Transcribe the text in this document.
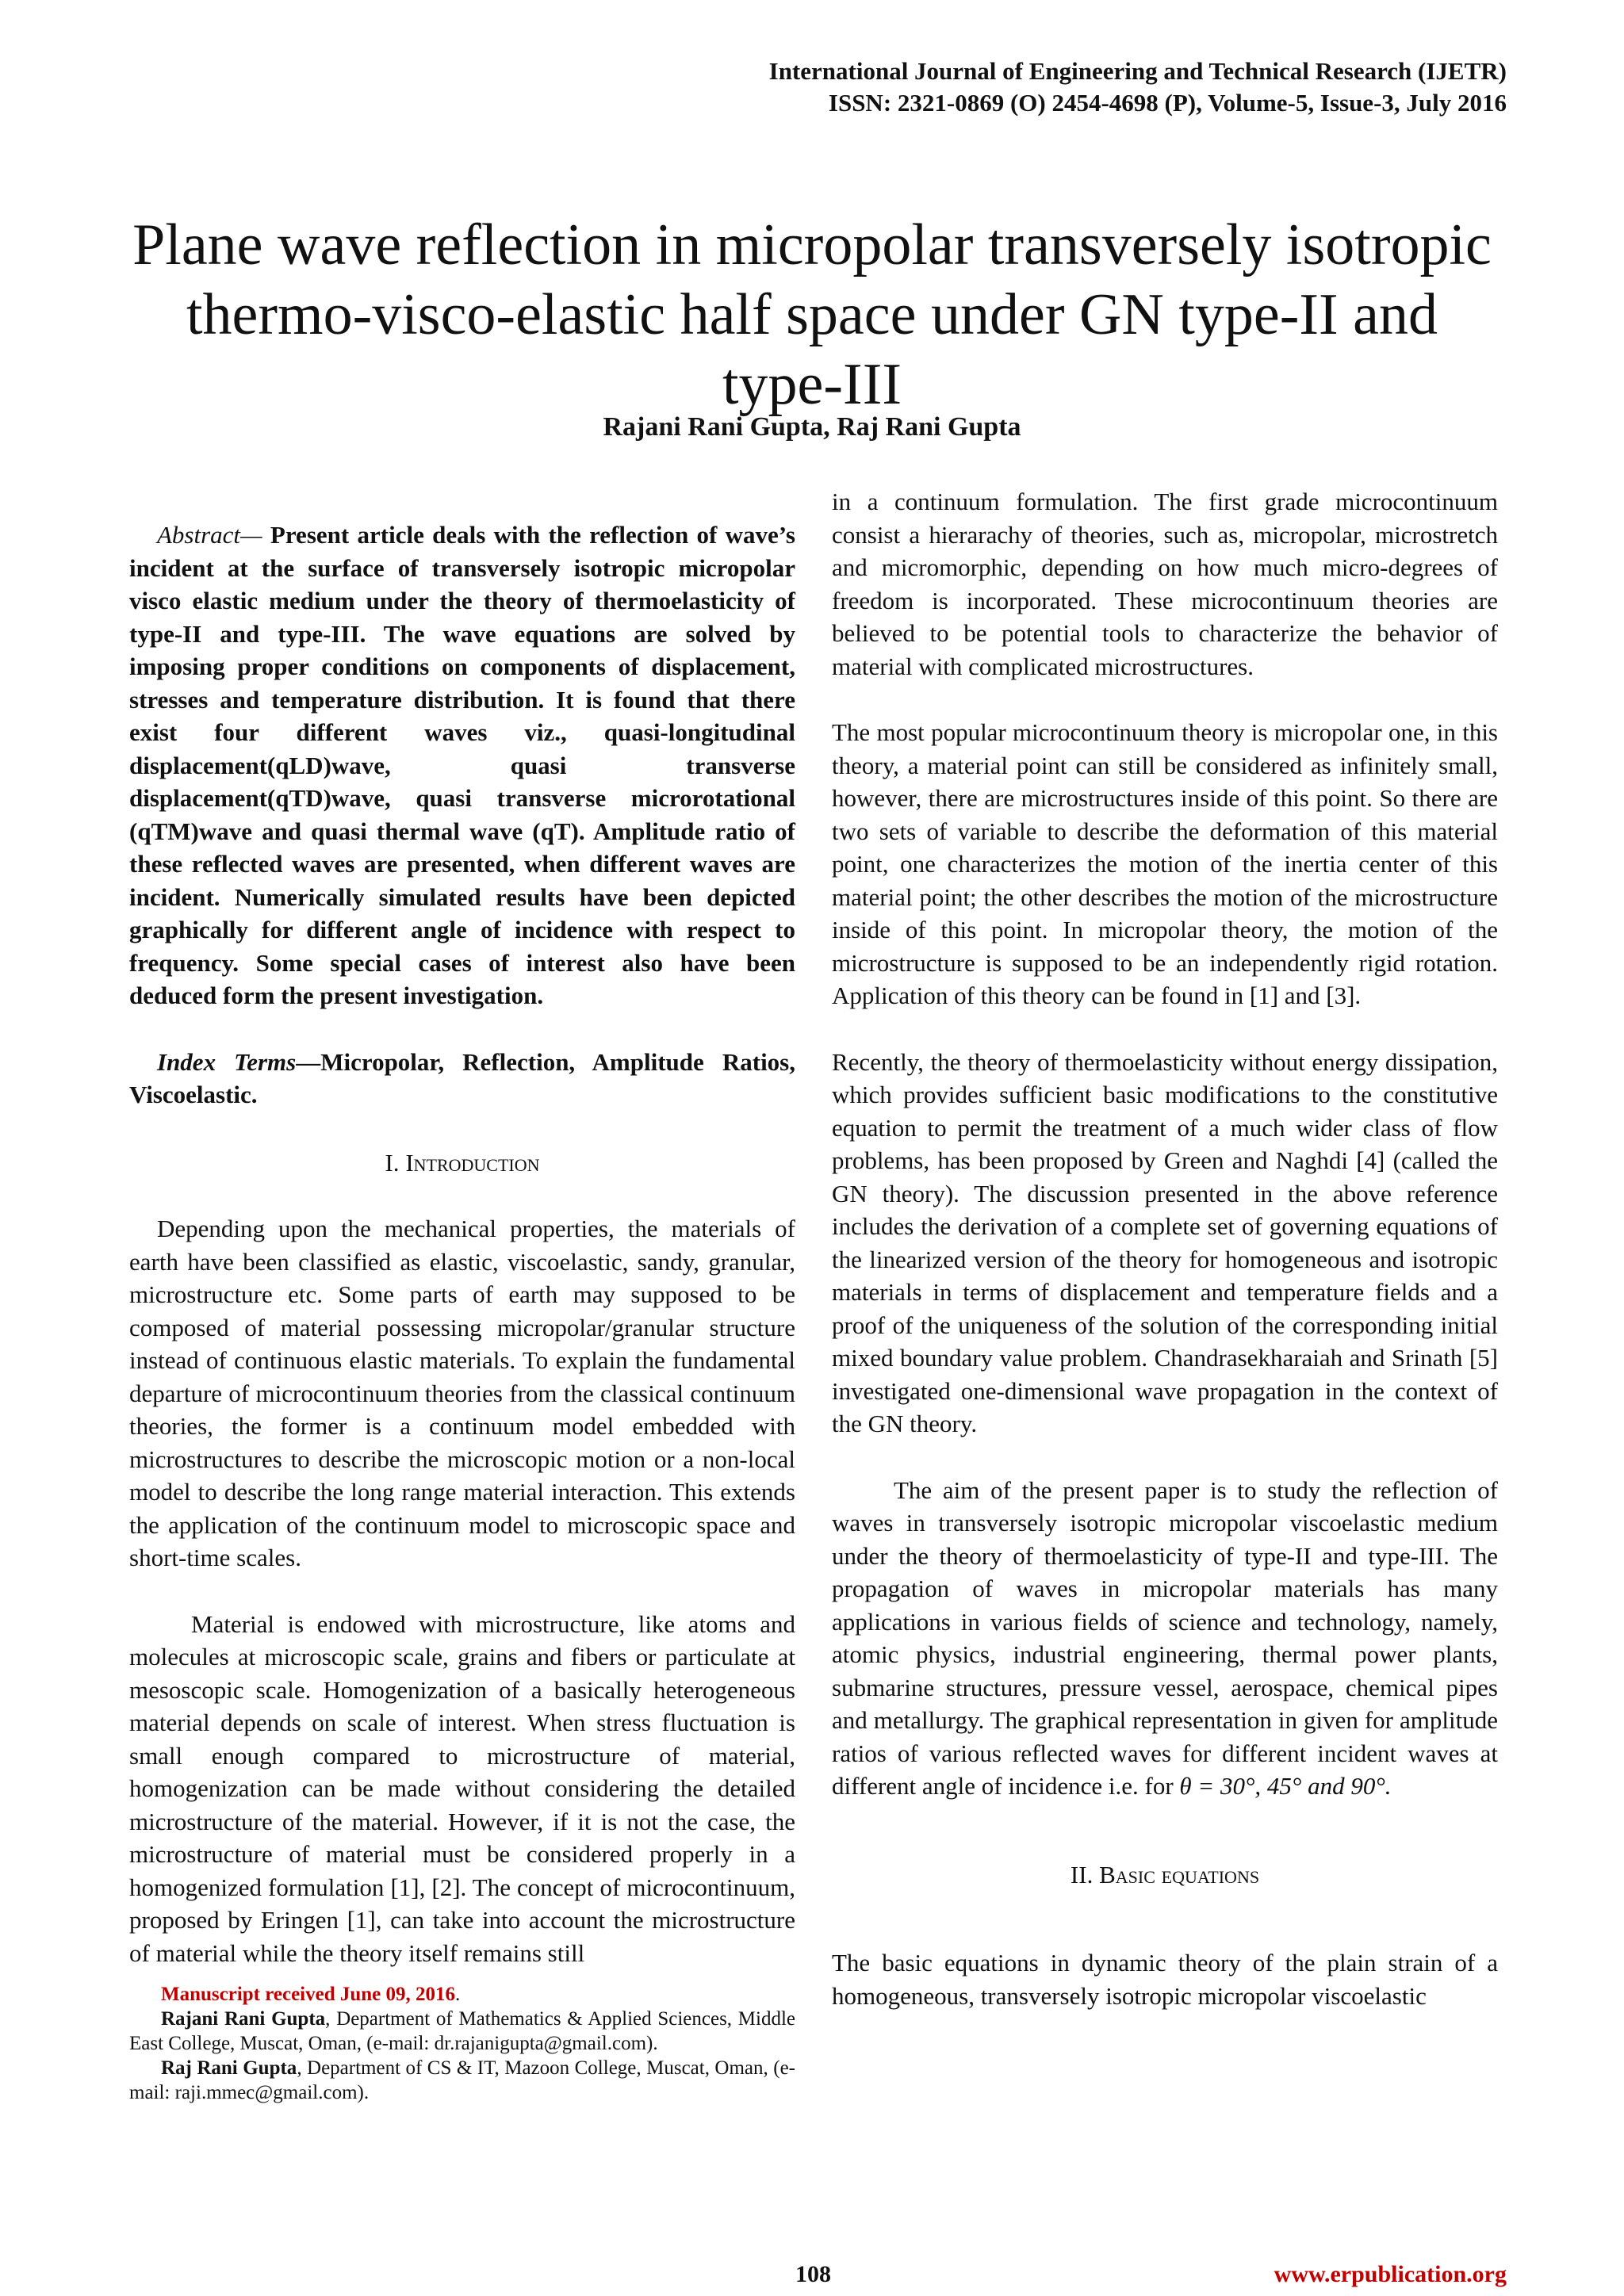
International Journal of Engineering and Technical Research (IJETR)
ISSN: 2321-0869 (O) 2454-4698 (P), Volume-5, Issue-3, July 2016
Plane wave reflection in micropolar transversely isotropic thermo-visco-elastic half space under GN type-II and type-III
Rajani Rani Gupta, Raj Rani Gupta

Abstract— Present article deals with the reflection of wave’s incident at the surface of transversely isotropic micropolar visco elastic medium under the theory of thermoelasticity of type-II and type-III. The wave equations are solved by imposing proper conditions on components of displacement, stresses and temperature distribution. It is found that there exist four different waves viz., quasi-longitudinal displacement(qLD)wave, quasi transverse displacement(qTD)wave, quasi transverse microrotational (qTM)wave and quasi thermal wave (qT). Amplitude ratio of these reflected waves are presented, when different waves are incident. Numerically simulated results have been depicted graphically for different angle of incidence with respect to frequency. Some special cases of interest also have been deduced form the present investigation.

Index Terms—Micropolar, Reflection, Amplitude Ratios, Viscoelastic.

I. Introduction

Depending upon the mechanical properties, the materials of earth have been classified as elastic, viscoelastic, sandy, granular, microstructure etc. Some parts of earth may supposed to be composed of material possessing micropolar/granular structure instead of continuous elastic materials. To explain the fundamental departure of microcontinuum theories from the classical continuum theories, the former is a continuum model embedded with microstructures to describe the microscopic motion or a non-local model to describe the long range material interaction. This extends the application of the continuum model to microscopic space and short-time scales.

Material is endowed with microstructure, like atoms and molecules at microscopic scale, grains and fibers or particulate at mesoscopic scale. Homogenization of a basically heterogeneous material depends on scale of interest. When stress fluctuation is small enough compared to microstructure of material, homogenization can be made without considering the detailed microstructure of the material. However, if it is not the case, the microstructure of material must be considered properly in a homogenized formulation [1], [2]. The concept of microcontinuum, proposed by Eringen [1], can take into account the microstructure of material while the theory itself remains still

in a continuum formulation. The first grade microcontinuum consist a hierarachy of theories, such as, micropolar, microstretch and micromorphic, depending on how much micro-degrees of freedom is incorporated. These microcontinuum theories are believed to be potential tools to characterize the behavior of material with complicated microstructures.

The most popular microcontinuum theory is micropolar one, in this theory, a material point can still be considered as infinitely small, however, there are microstructures inside of this point. So there are two sets of variable to describe the deformation of this material point, one characterizes the motion of the inertia center of this material point; the other describes the motion of the microstructure inside of this point. In micropolar theory, the motion of the microstructure is supposed to be an independently rigid rotation. Application of this theory can be found in [1] and [3].

Recently, the theory of thermoelasticity without energy dissipation, which provides sufficient basic modifications to the constitutive equation to permit the treatment of a much wider class of flow problems, has been proposed by Green and Naghdi [4] (called the GN theory). The discussion presented in the above reference includes the derivation of a complete set of governing equations of the linearized version of the theory for homogeneous and isotropic materials in terms of displacement and temperature fields and a proof of the uniqueness of the solution of the corresponding initial mixed boundary value problem. Chandrasekharaiah and Srinath [5] investigated one-dimensional wave propagation in the context of the GN theory.

The aim of the present paper is to study the reflection of waves in transversely isotropic micropolar viscoelastic medium under the theory of thermoelasticity of type-II and type-III. The propagation of waves in micropolar materials has many applications in various fields of science and technology, namely, atomic physics, industrial engineering, thermal power plants, submarine structures, pressure vessel, aerospace, chemical pipes and metallurgy. The graphical representation in given for amplitude ratios of various reflected waves for different incident waves at different angle of incidence i.e. for θ = 30°, 45° and 90°.

II. Basic equations

The basic equations in dynamic theory of the plain strain of a homogeneous, transversely isotropic micropolar viscoelastic

Manuscript received June 09, 2016.

Rajani Rani Gupta, Department of Mathematics & Applied Sciences, Middle East College, Muscat, Oman, (e-mail: dr.rajanigupta@gmail.com).

Raj Rani Gupta, Department of CS & IT, Mazoon College, Muscat, Oman, (e-mail: raji.mmec@gmail.com).

108	www.erpublication.org
